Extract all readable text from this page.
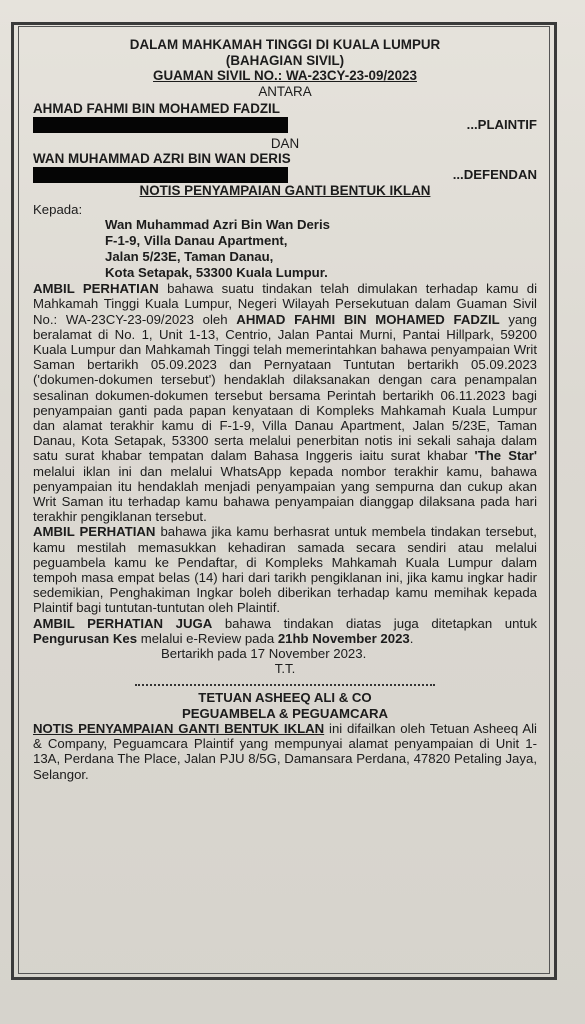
DALAM MAHKAMAH TINGGI DI KUALA LUMPUR
(BAHAGIAN SIVIL)
GUAMAN SIVIL NO.: WA-23CY-23-09/2023
ANTARA
AHMAD FAHMI BIN MOHAMED FADZIL
...PLAINTIF
DAN
WAN MUHAMMAD AZRI BIN WAN DERIS
...DEFENDAN
NOTIS PENYAMPAIAN GANTI BENTUK IKLAN
Kepada:
Wan Muhammad Azri Bin Wan Deris
F-1-9, Villa Danau Apartment,
Jalan 5/23E, Taman Danau,
Kota Setapak, 53300 Kuala Lumpur.
AMBIL PERHATIAN bahawa suatu tindakan telah dimulakan terhadap kamu di Mahkamah Tinggi Kuala Lumpur, Negeri Wilayah Persekutuan dalam Guaman Sivil No.: WA-23CY-23-09/2023 oleh AHMAD FAHMI BIN MOHAMED FADZIL yang beralamat di No. 1, Unit 1-13, Centrio, Jalan Pantai Murni, Pantai Hillpark, 59200 Kuala Lumpur dan Mahkamah Tinggi telah memerintahkan bahawa penyampaian Writ Saman bertarikh 05.09.2023 dan Pernyataan Tuntutan bertarikh 05.09.2023 ('dokumen-dokumen tersebut') hendaklah dilaksanakan dengan cara penampalan sesalinan dokumen-dokumen tersebut bersama Perintah bertarikh 06.11.2023 bagi penyampaian ganti pada papan kenyataan di Kompleks Mahkamah Kuala Lumpur dan alamat terakhir kamu di F-1-9, Villa Danau Apartment, Jalan 5/23E, Taman Danau, Kota Setapak, 53300 serta melalui penerbitan notis ini sekali sahaja dalam satu surat khabar tempatan dalam Bahasa Inggeris iaitu surat khabar 'The Star' melalui iklan ini dan melalui WhatsApp kepada nombor terakhir kamu, bahawa penyampaian itu hendaklah menjadi penyampaian yang sempurna dan cukup akan Writ Saman itu terhadap kamu bahawa penyampaian dianggap dilaksana pada hari terakhir pengiklanan tersebut.
AMBIL PERHATIAN bahawa jika kamu berhasrat untuk membela tindakan tersebut, kamu mestilah memasukkan kehadiran samada secara sendiri atau melalui peguambela kamu ke Pendaftar, di Kompleks Mahkamah Kuala Lumpur dalam tempoh masa empat belas (14) hari dari tarikh pengiklanan ini, jika kamu ingkar hadir sedemikian, Penghakiman Ingkar boleh diberikan terhadap kamu memihak kepada Plaintif bagi tuntutan-tuntutan oleh Plaintif.
AMBIL PERHATIAN JUGA bahawa tindakan diatas juga ditetapkan untuk Pengurusan Kes melalui e-Review pada 21hb November 2023.
Bertarikh pada 17 November 2023.
T.T.
TETUAN ASHEEQ ALI & CO
PEGUAMBELA & PEGUAMCARA
NOTIS PENYAMPAIAN GANTI BENTUK IKLAN ini difailkan oleh Tetuan Asheeq Ali & Company, Peguamcara Plaintif yang mempunyai alamat penyampaian di Unit 1-13A, Perdana The Place, Jalan PJU 8/5G, Damansara Perdana, 47820 Petaling Jaya, Selangor.
